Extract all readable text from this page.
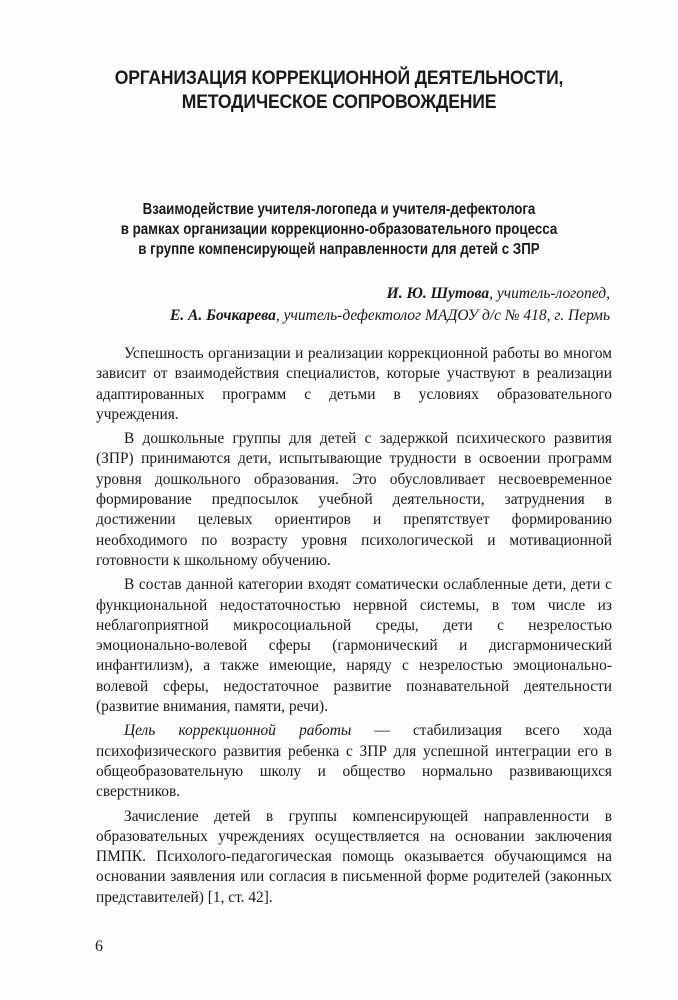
ОРГАНИЗАЦИЯ КОРРЕКЦИОННОЙ ДЕЯТЕЛЬНОСТИ,
МЕТОДИЧЕСКОЕ СОПРОВОЖДЕНИЕ
Взаимодействие учителя-логопеда и учителя-дефектолога
в рамках организации коррекционно-образовательного процесса
в группе компенсирующей направленности для детей с ЗПР
И. Ю. Шутова, учитель-логопед,
Е. А. Бочкарева, учитель-дефектолог МАДОУ д/с № 418, г. Пермь

Успешность организации и реализации коррекционной работы во многом зависит от взаимодействия специалистов, которые участвуют в реализации адаптированных программ с детьми в условиях образовательного учреждения.

В дошкольные группы для детей с задержкой психического развития (ЗПР) принимаются дети, испытывающие трудности в освоении программ уровня дошкольного образования. Это обусловливает несвоевременное формирование предпосылок учебной деятельности, затруднения в достижении целевых ориентиров и препятствует формированию необходимого по возрасту уровня психологической и мотивационной готовности к школьному обучению.

В состав данной категории входят соматически ослабленные дети, дети с функциональной недостаточностью нервной системы, в том числе из неблагоприятной микросоциальной среды, дети с незрелостью эмоционально-волевой сферы (гармонический и дисгармонический инфантилизм), а также имеющие, наряду с незрелостью эмоционально-волевой сферы, недостаточное развитие познавательной деятельности (развитие внимания, памяти, речи).

Цель коррекционной работы — стабилизация всего хода психофизического развития ребенка с ЗПР для успешной интеграции его в общеобразовательную школу и общество нормально развивающихся сверстников.

Зачисление детей в группы компенсирующей направленности в образовательных учреждениях осуществляется на основании заключения ПМПК. Психолого-педагогическая помощь оказывается обучающимся на основании заявления или согласия в письменной форме родителей (законных представителей) [1, ст. 42].

6
